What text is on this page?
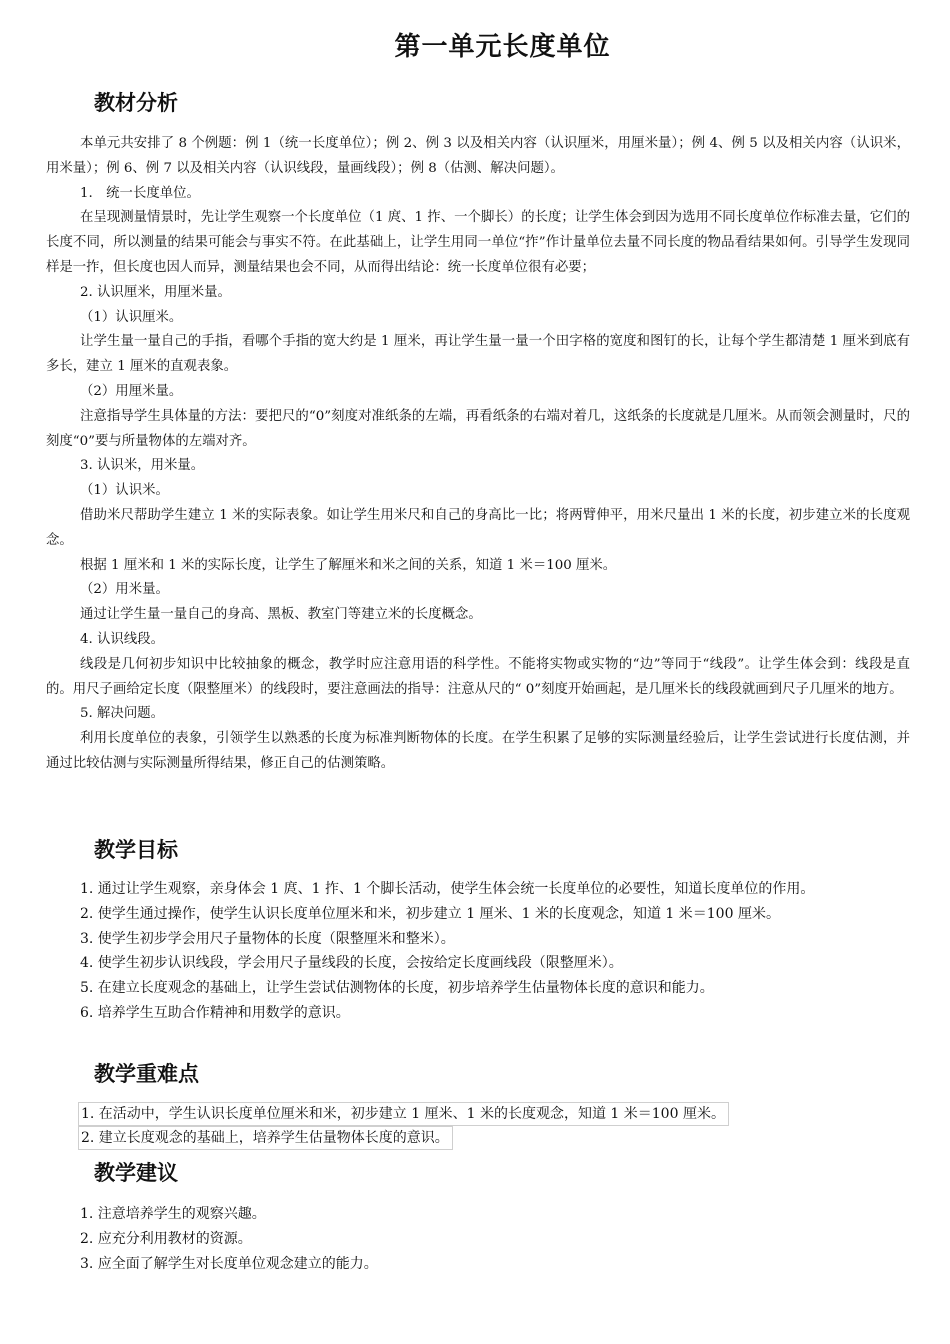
第一单元长度单位
教材分析

本单元共安排了 8 个例题：例 1（统一长度单位）；例 2、例 3 以及相关内容（认识厘米，用厘米量）；例 4、例 5 以及相关内容（认识米，用米量）；例 6、例 7 以及相关内容（认识线段，量画线段）；例 8（估测、解决问题）。

1.　统一长度单位。

在呈现测量情景时，先让学生观察一个长度单位（1 庹、1 拃、一个脚长）的长度；让学生体会到因为选用不同长度单位作标准去量，它们的长度不同，所以测量的结果可能会与事实不符。在此基础上，让学生用同一单位“拃”作计量单位去量不同长度的物品看结果如何。引导学生发现同样是一拃，但长度也因人而异，测量结果也会不同，从而得出结论：统一长度单位很有必要；

2. 认识厘米，用厘米量。

（1）认识厘米。

让学生量一量自己的手指，看哪个手指的宽大约是 1 厘米，再让学生量一量一个田字格的宽度和图钉的长，让每个学生都清楚 1 厘米到底有多长，建立 1 厘米的直观表象。

（2）用厘米量。

注意指导学生具体量的方法：要把尺的“0”刻度对准纸条的左端，再看纸条的右端对着几，这纸条的长度就是几厘米。从而领会测量时，尺的刻度“0”要与所量物体的左端对齐。

3. 认识米，用米量。

（1）认识米。

借助米尺帮助学生建立 1 米的实际表象。如让学生用米尺和自己的身高比一比；将两臂伸平，用米尺量出 1 米的长度，初步建立米的长度观念。

根据 1 厘米和 1 米的实际长度，让学生了解厘米和米之间的关系，知道 1 米＝100 厘米。

（2）用米量。

通过让学生量一量自己的身高、黑板、教室门等建立米的长度概念。

4. 认识线段。

线段是几何初步知识中比较抽象的概念，教学时应注意用语的科学性。不能将实物或实物的“边”等同于“线段”。让学生体会到：线段是直的。用尺子画给定长度（限整厘米）的线段时，要注意画法的指导：注意从尺的“ 0”刻度开始画起，是几厘米长的线段就画到尺子几厘米的地方。

5. 解决问题。

利用长度单位的表象，引领学生以熟悉的长度为标准判断物体的长度。在学生积累了足够的实际测量经验后，让学生尝试进行长度估测，并通过比较估测与实际测量所得结果，修正自己的估测策略。

教学目标

1. 通过让学生观察，亲身体会 1 庹、1 拃、1 个脚长活动，使学生体会统一长度单位的必要性，知道长度单位的作用。

2. 使学生通过操作，使学生认识长度单位厘米和米，初步建立 1 厘米、1 米的长度观念，知道 1 米＝100 厘米。

3. 使学生初步学会用尺子量物体的长度（限整厘米和整米）。

4. 使学生初步认识线段，学会用尺子量线段的长度，会按给定长度画线段（限整厘米）。

5. 在建立长度观念的基础上，让学生尝试估测物体的长度，初步培养学生估量物体长度的意识和能力。

6. 培养学生互助合作精神和用数学的意识。

教学重难点
1. 在活动中，学生认识长度单位厘米和米，初步建立 1 厘米、1 米的长度观念，知道 1 米＝100 厘米。
2. 建立长度观念的基础上，培养学生估量物体长度的意识。
教学建议

1. 注意培养学生的观察兴趣。

2. 应充分利用教材的资源。

3. 应全面了解学生对长度单位观念建立的能力。
